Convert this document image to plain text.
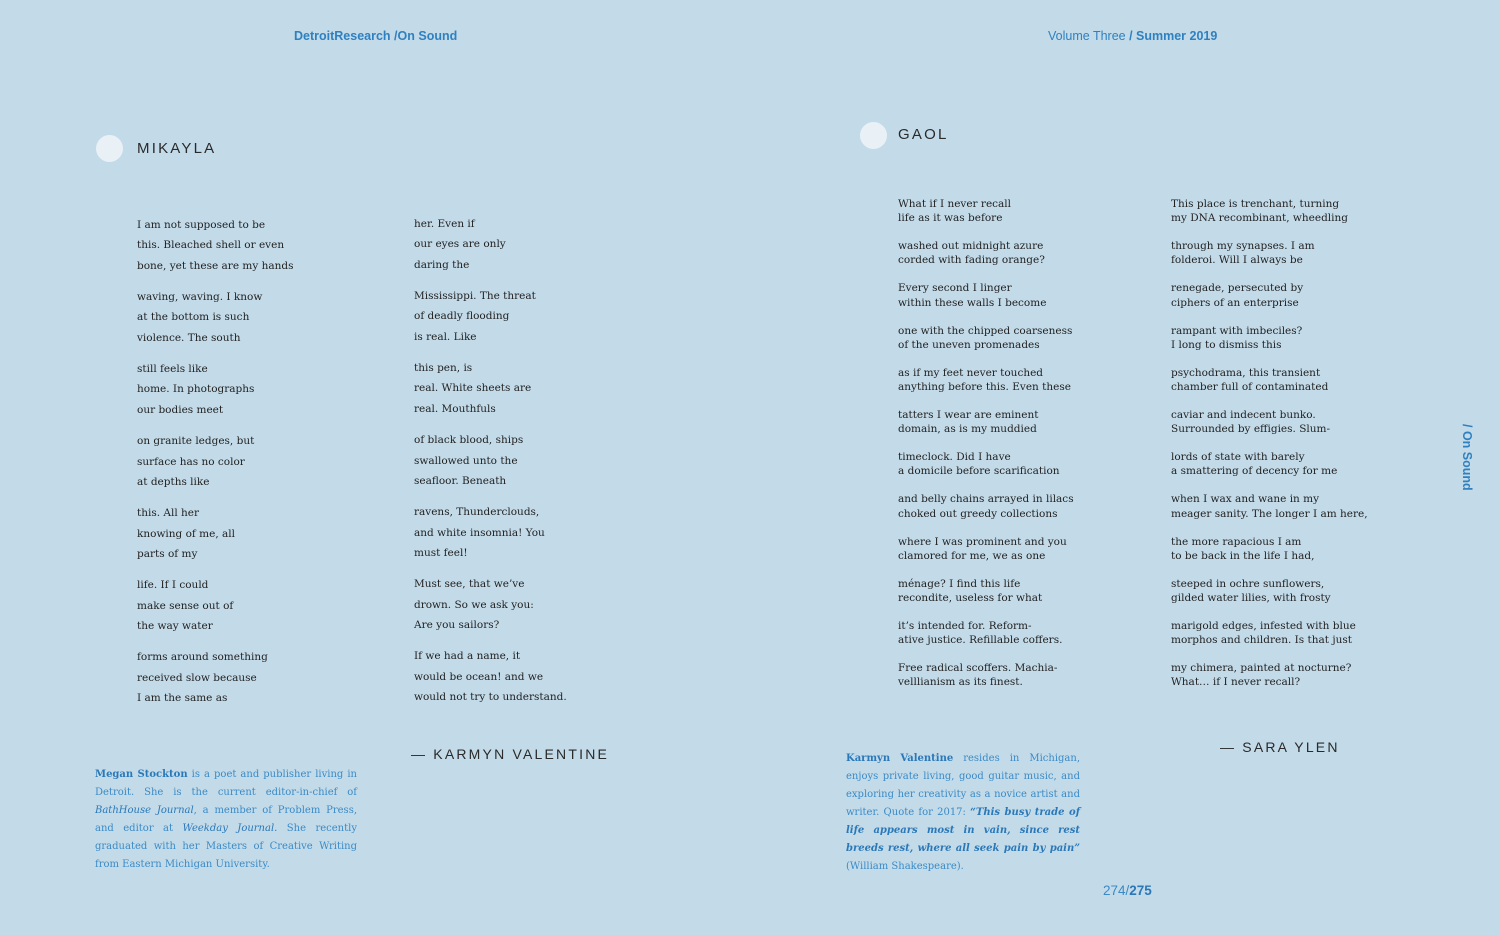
DetroitResearch /On Sound	Volume Three / Summer 2019
MIKAYLA
I am not supposed to be
this. Bleached shell or even
bone, yet these are my hands
waving, waving. I know
at the bottom is such
violence. The south
still feels like
home. In photographs
our bodies meet
on granite ledges, but
surface has no color
at depths like
this. All her
knowing of me, all
parts of my
life. If I could
make sense out of
the way water
forms around something
received slow because
I am the same as
her. Even if
our eyes are only
daring the
Mississippi. The threat
of deadly flooding
is real. Like
this pen, is
real. White sheets are
real. Mouthfuls
of black blood, ships
swallowed unto the
seafloor. Beneath
ravens, Thunderclouds,
and white insomnia! You
must feel!
Must see, that we’ve
drown. So we ask you:
Are you sailors?
If we had a name, it
would be ocean! and we
would not try to understand.
— KARMYN VALENTINE
GAOL
What if I never recall
life as it was before
washed out midnight azure
corded with fading orange?
Every second I linger
within these walls I become
one with the chipped coarseness
of the uneven promenades
as if my feet never touched
anything before this. Even these
tatters I wear are eminent
domain, as is my muddied
timeclock. Did I have
a domicile before scarification
and belly chains arrayed in lilacs
choked out greedy collections
where I was prominent and you
clamored for me, we as one
ménage? I find this life
recondite, useless for what
it’s intended for. Reform-
ative justice. Refillable coffers.
Free radical scoffers. Machia-
velllianism as its finest.
This place is trenchant, turning
my DNA recombinant, wheedling
through my synapses. I am
folderoi. Will I always be
renegade, persecuted by
ciphers of an enterprise
rampant with imbeciles?
I long to dismiss this
psychodrama, this transient
chamber full of contaminated
caviar and indecent bunko.
Surrounded by effigies. Slum-
lords of state with barely
a smattering of decency for me
when I wax and wane in my
meager sanity. The longer I am here,
the more rapacious I am
to be back in the life I had,
steeped in ochre sunflowers,
gilded water lilies, with frosty
marigold edges, infested with blue
morphos and children. Is that just
my chimera, painted at nocturne?
What… if I never recall?
— SARA YLEN
Megan Stockton is a poet and publisher living in Detroit. She is the current editor-in-chief of BathHouse Journal, a member of Problem Press, and editor at Weekday Journal. She recently graduated with her Masters of Creative Writing from Eastern Michigan University.
Karmyn Valentine resides in Michigan, enjoys private living, good guitar music, and exploring her creativity as a novice artist and writer. Quote for 2017: “This busy trade of life appears most in vain, since rest breeds rest, where all seek pain by pain” (William Shakespeare).
/ On Sound
274/275
